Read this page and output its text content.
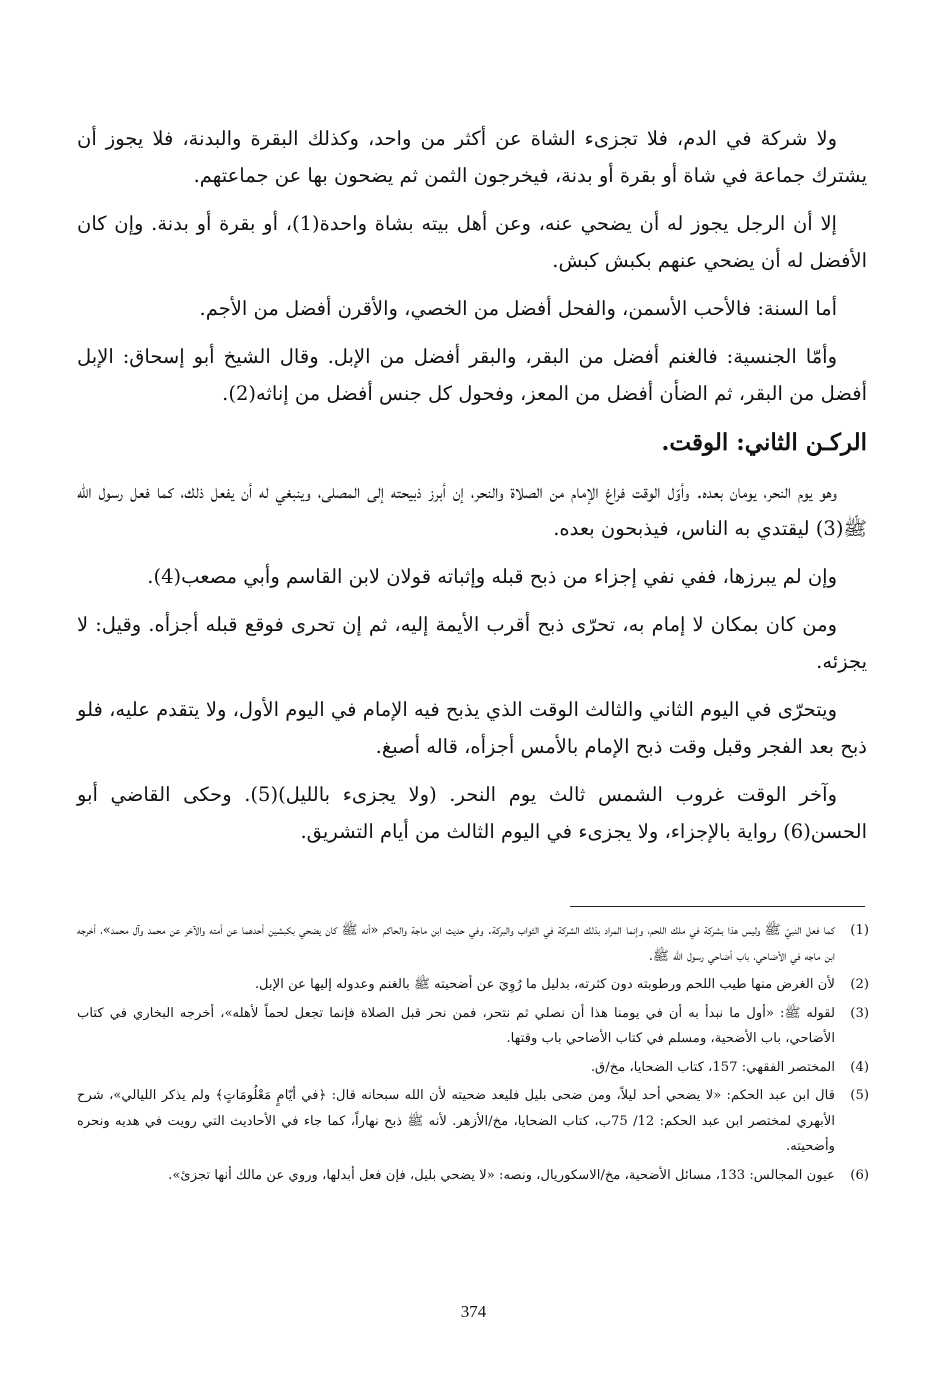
ولا شركة في الدم، فلا تجزىء الشاة عن أكثر من واحد، وكذلك البقرة والبدنة، فلا يجوز أن يشترك جماعة في شاة أو بقرة أو بدنة، فيخرجون الثمن ثم يضحون بها عن جماعتهم.

إلا أن الرجل يجوز له أن يضحي عنه، وعن أهل بيته بشاة واحدة(1)، أو بقرة أو بدنة. وإن كان الأفضل له أن يضحي عنهم بكبش كبش.

أما السنة: فالأحب الأسمن، والفحل أفضل من الخصي، والأقرن أفضل من الأجم.

وأمّا الجنسية: فالغنم أفضل من البقر، والبقر أفضل من الإبل. وقال الشيخ أبو إسحاق: الإبل أفضل من البقر، ثم الضأن أفضل من المعز، وفحول كل جنس أفضل من إناثه(2).

الركـن الثاني: الوقت.

وهو يوم النحر، يومان بعده. وأوّل الوقت فراغ الإمام من الصلاة والنحر، إن أبرز ذبيحته إلى المصلى، وينبغي له أن يفعل ذلك، كما فعل رسول الله ﷺ(3) ليقتدي به الناس، فيذبحون بعده.

وإن لم يبرزها، ففي نفي إجزاء من ذبح قبله وإثباته قولان لابن القاسم وأبي مصعب(4).

ومن كان بمكان لا إمام به، تحرّى ذبح أقرب الأيمة إليه، ثم إن تحرى فوقع قبله أجزأه. وقيل: لا يجزئه.

ويتحرّى في اليوم الثاني والثالث الوقت الذي يذبح فيه الإمام في اليوم الأول، ولا يتقدم عليه، فلو ذبح بعد الفجر وقبل وقت ذبح الإمام بالأمس أجزأه، قاله أصبغ.

وآخر الوقت غروب الشمس ثالث يوم النحر. (ولا يجزىء بالليل)(5). وحكى القاضي أبو الحسن(6) رواية بالإجزاء، ولا يجزىء في اليوم الثالث من أيام التشريق.

(1)
كما فعل النبيّ ﷺ وليس هذا بشركة في ملك اللحم، وإنما المراد بذلك الشركة في الثواب والبركة. وفي حديث ابن ماجة والحاكم «أنه ﷺ كان يضحي بكبشين أحدهما عن أمته والآخر عن محمد وآل محمد»، أخرجه ابن ماجه في الأضاحي، باب أضاحي رسول الله ﷺ.
(2)
لأن الغرض منها طيب اللحم ورطوبته دون كثرته، بدليل ما رُوِيَ عن أضحيته ﷺ بالغنم وعدوله إليها عن الإبل.
(3)
لقوله ﷺ: «أول ما نبدأ به أن في يومنا هذا أن نصلي ثم نتحر، فمن نحر قبل الصلاة فإنما تجعل لحماً لأهله»، أخرجه البخاري في كتاب الأضاحي، باب الأضحية، ومسلم في كتاب الأضاحي باب وقتها.
(4)
المختصر الفقهي: 157، كتاب الضحايا، مخ/ق.
(5)
قال ابن عبد الحكم: «لا يضحي أحد ليلاً، ومن ضحى بليل فليعد ضحيته لأن الله سبحانه قال: ﴿في أيّامٍ مَعْلُومَاتٍ﴾ ولم يذكر الليالي»، شرح الأبهري لمختصر ابن عبد الحكم: 12/ 75ب، كتاب الضحايا، مخ/الأزهر. لأنه ﷺ ذبح نهاراً، كما جاء في الأحاديث التي رويت في هديه ونحره وأضحيته.
(6)
عيون المجالس: 133، مسائل الأضحية، مخ/الاسكوريال، ونصه: «لا يضحي بليل، فإن فعل أبدلها، وروي عن مالك أنها تجزئ».
374
